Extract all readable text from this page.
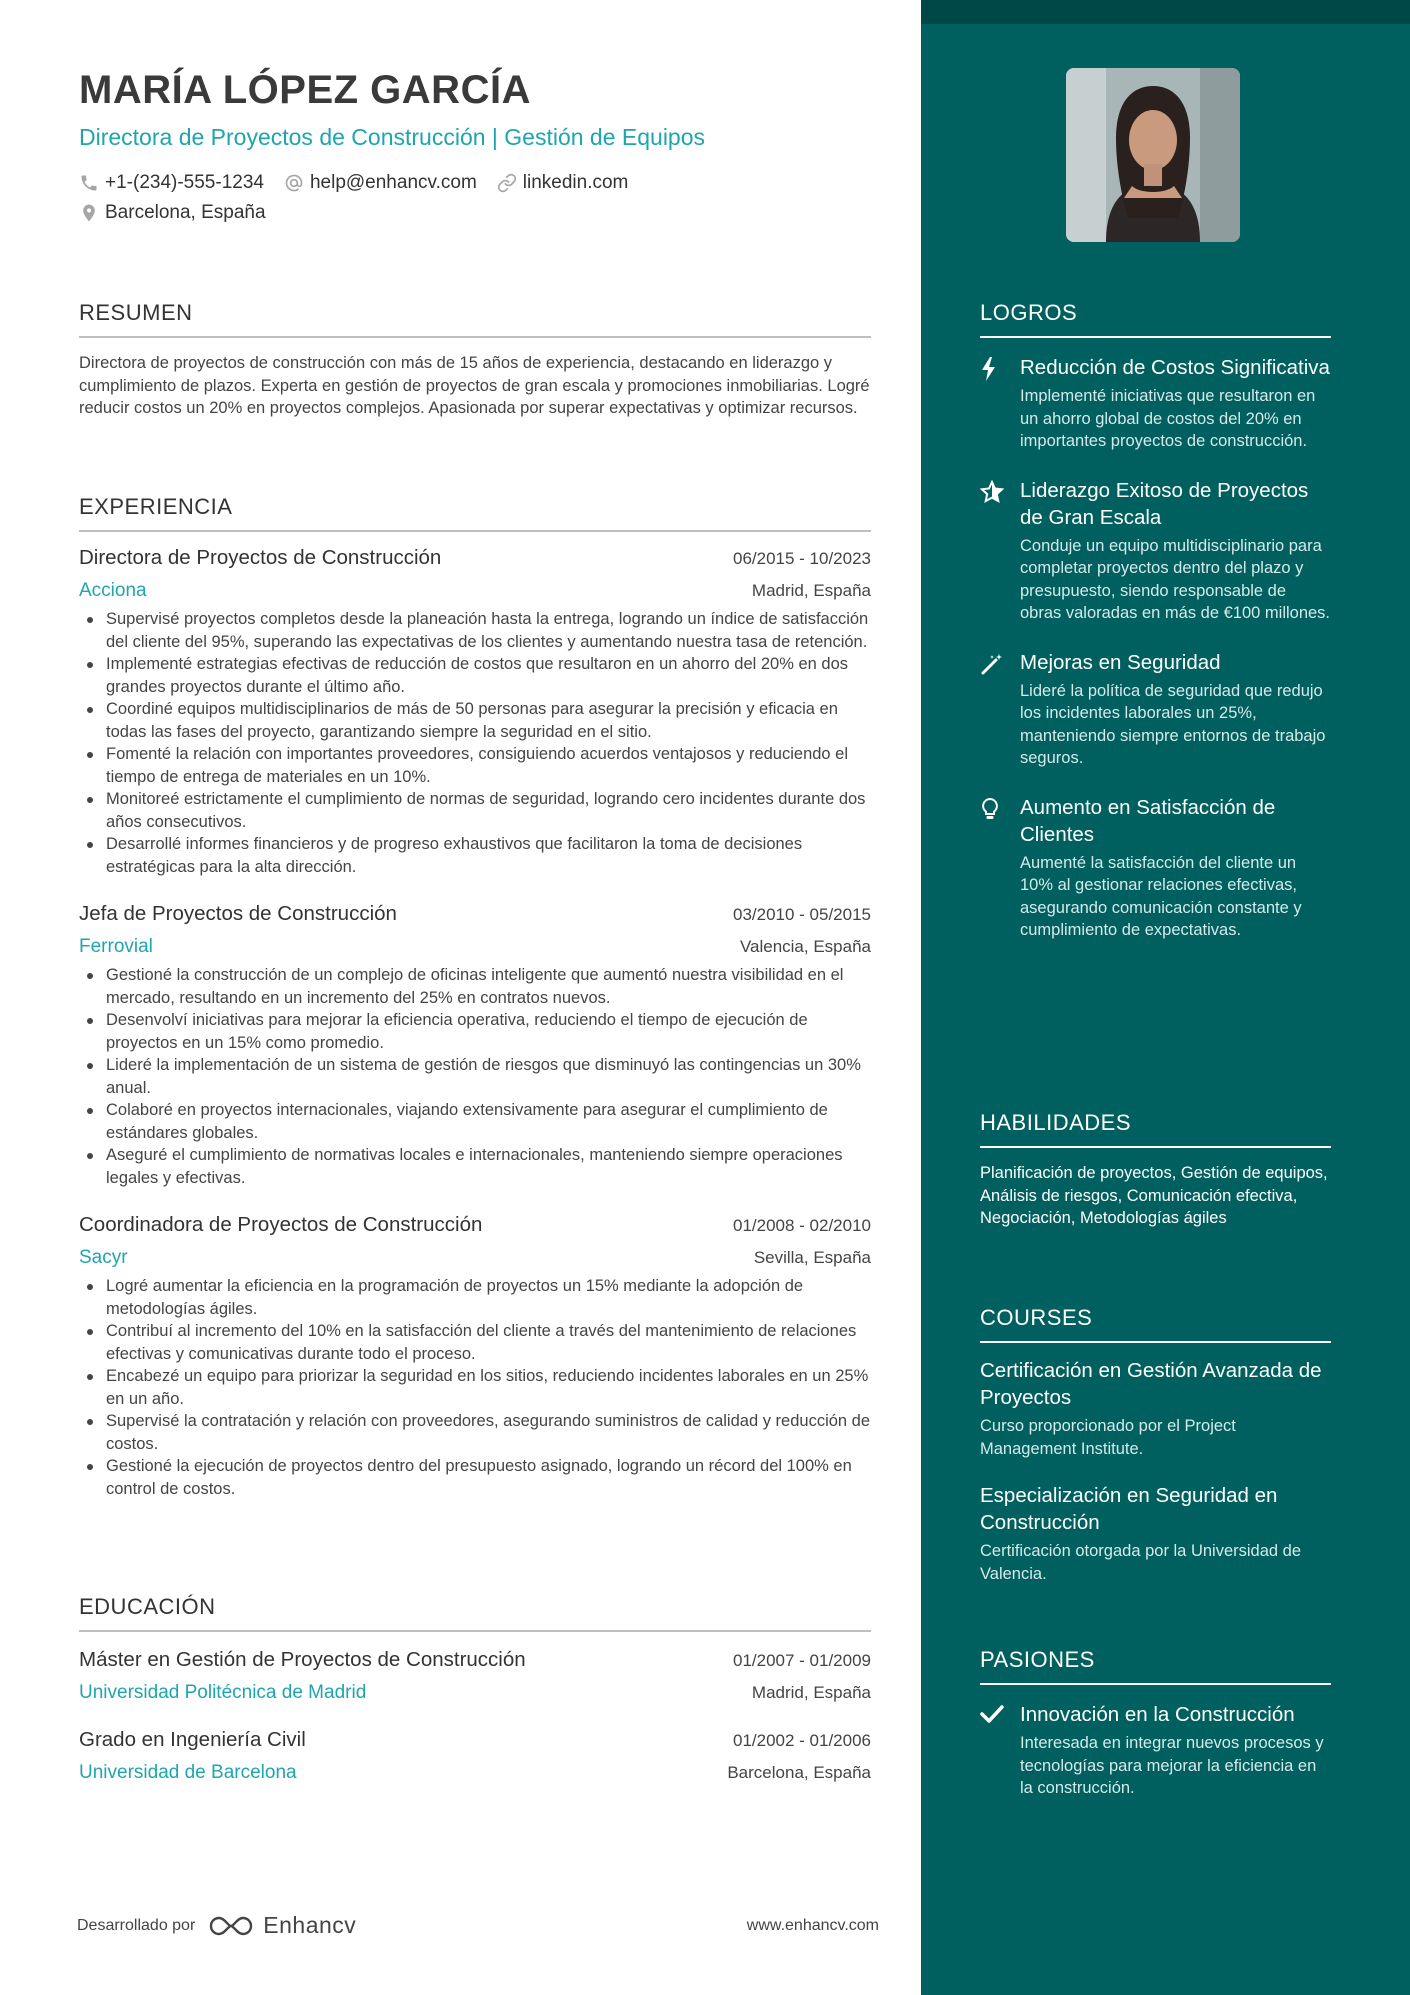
MARÍA LÓPEZ GARCÍA
Directora de Proyectos de Construcción | Gestión de Equipos
+1-(234)-555-1234 help@enhancv.com linkedin.com
Barcelona, España
RESUMEN
Directora de proyectos de construcción con más de 15 años de experiencia, destacando en liderazgo y cumplimiento de plazos. Experta en gestión de proyectos de gran escala y promociones inmobiliarias. Logré reducir costos un 20% en proyectos complejos. Apasionada por superar expectativas y optimizar recursos.
EXPERIENCIA
Directora de Proyectos de Construcción	06/2015 - 10/2023
Acciona	Madrid, España
Supervisé proyectos completos desde la planeación hasta la entrega, logrando un índice de satisfacción del cliente del 95%, superando las expectativas de los clientes y aumentando nuestra tasa de retención.
Implementé estrategias efectivas de reducción de costos que resultaron en un ahorro del 20% en dos grandes proyectos durante el último año.
Coordiné equipos multidisciplinarios de más de 50 personas para asegurar la precisión y eficacia en todas las fases del proyecto, garantizando siempre la seguridad en el sitio.
Fomenté la relación con importantes proveedores, consiguiendo acuerdos ventajosos y reduciendo el tiempo de entrega de materiales en un 10%.
Monitoreé estrictamente el cumplimiento de normas de seguridad, logrando cero incidentes durante dos años consecutivos.
Desarrollé informes financieros y de progreso exhaustivos que facilitaron la toma de decisiones estratégicas para la alta dirección.
Jefa de Proyectos de Construcción	03/2010 - 05/2015
Ferrovial	Valencia, España
Gestioné la construcción de un complejo de oficinas inteligente que aumentó nuestra visibilidad en el mercado, resultando en un incremento del 25% en contratos nuevos.
Desenvolví iniciativas para mejorar la eficiencia operativa, reduciendo el tiempo de ejecución de proyectos en un 15% como promedio.
Lideré la implementación de un sistema de gestión de riesgos que disminuyó las contingencias un 30% anual.
Colaboré en proyectos internacionales, viajando extensivamente para asegurar el cumplimiento de estándares globales.
Aseguré el cumplimiento de normativas locales e internacionales, manteniendo siempre operaciones legales y efectivas.
Coordinadora de Proyectos de Construcción	01/2008 - 02/2010
Sacyr	Sevilla, España
Logré aumentar la eficiencia en la programación de proyectos un 15% mediante la adopción de metodologías ágiles.
Contribuí al incremento del 10% en la satisfacción del cliente a través del mantenimiento de relaciones efectivas y comunicativas durante todo el proceso.
Encabezé un equipo para priorizar la seguridad en los sitios, reduciendo incidentes laborales en un 25% en un año.
Supervisé la contratación y relación con proveedores, asegurando suministros de calidad y reducción de costos.
Gestioné la ejecución de proyectos dentro del presupuesto asignado, logrando un récord del 100% en control de costos.
EDUCACIÓN
Máster en Gestión de Proyectos de Construcción	01/2007 - 01/2009
Universidad Politécnica de Madrid	Madrid, España
Grado en Ingeniería Civil	01/2002 - 01/2006
Universidad de Barcelona	Barcelona, España
Desarrollado por	Enhancv	www.enhancv.com
LOGROS
Reducción de Costos Significativa
Implementé iniciativas que resultaron en un ahorro global de costos del 20% en importantes proyectos de construcción.
Liderazgo Exitoso de Proyectos de Gran Escala
Conduje un equipo multidisciplinario para completar proyectos dentro del plazo y presupuesto, siendo responsable de obras valoradas en más de €100 millones.
Mejoras en Seguridad
Lideré la política de seguridad que redujo los incidentes laborales un 25%, manteniendo siempre entornos de trabajo seguros.
Aumento en Satisfacción de Clientes
Aumenté la satisfacción del cliente un 10% al gestionar relaciones efectivas, asegurando comunicación constante y cumplimiento de expectativas.
HABILIDADES
Planificación de proyectos, Gestión de equipos, Análisis de riesgos, Comunicación efectiva, Negociación, Metodologías ágiles
COURSES
Certificación en Gestión Avanzada de Proyectos
Curso proporcionado por el Project Management Institute.
Especialización en Seguridad en Construcción
Certificación otorgada por la Universidad de Valencia.
PASIONES
Innovación en la Construcción
Interesada en integrar nuevos procesos y tecnologías para mejorar la eficiencia en la construcción.
